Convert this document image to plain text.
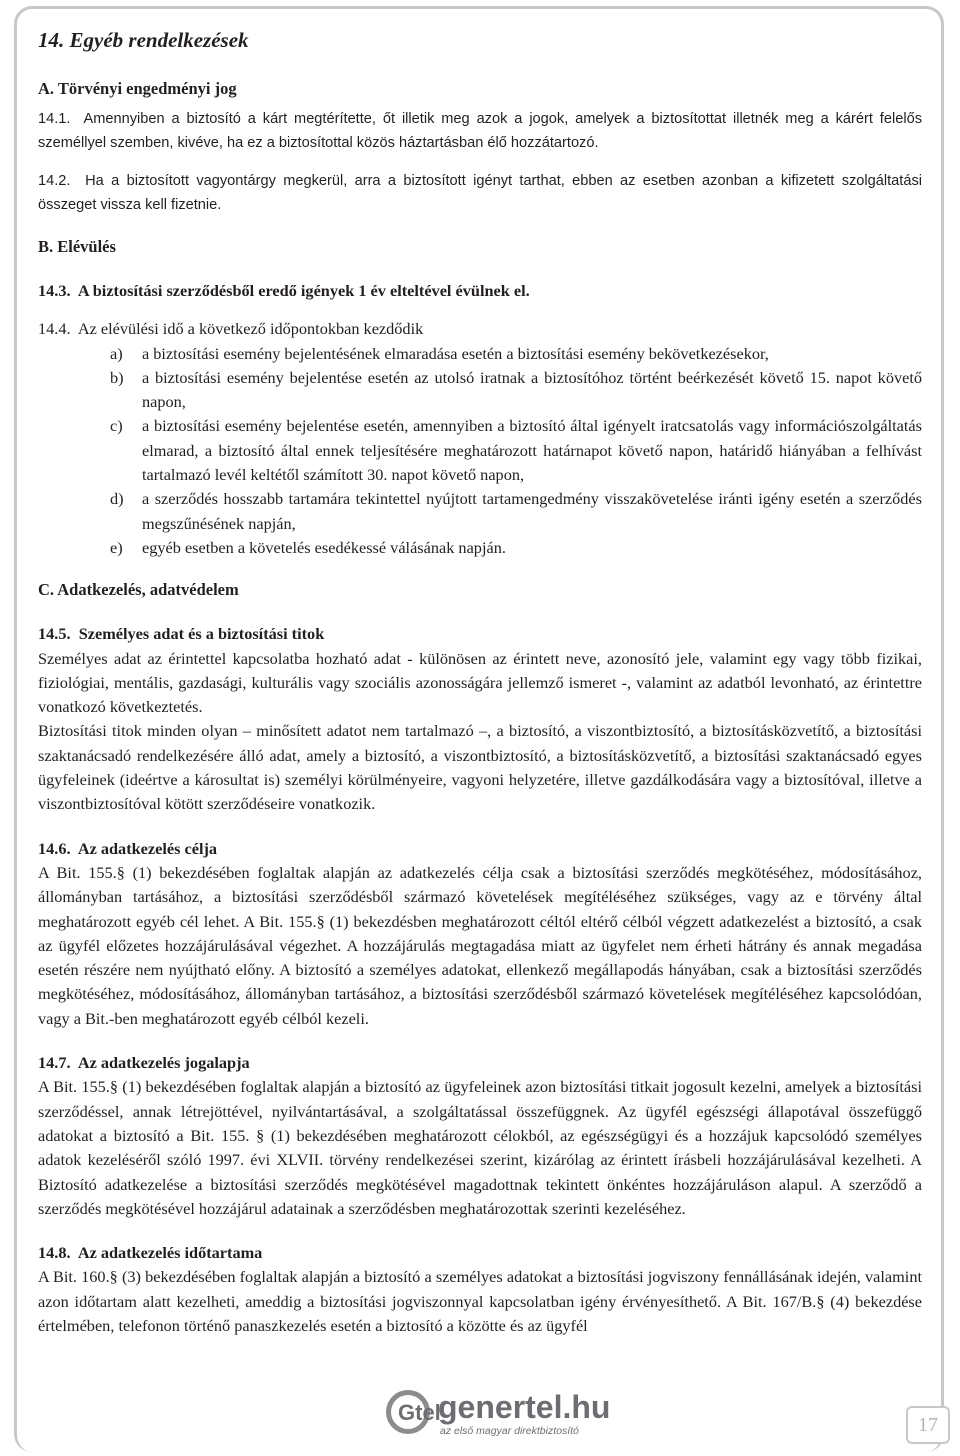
14. Egyéb rendelkezések
A. Törvényi engedményi jog

14.1. Amennyiben a biztosító a kárt megtérítette, őt illetik meg azok a jogok, amelyek a biztosítottat illetnék meg a kárért felelős személlyel szemben, kivéve, ha ez a biztosítottal közös háztartásban élő hozzátartozó.

14.2. Ha a biztosított vagyontárgy megkerül, arra a biztosított igényt tarthat, ebben az esetben azonban a kifizetett szolgáltatási összeget vissza kell fizetnie.

B. Elévülés

14.3. A biztosítási szerződésből eredő igények 1 év elteltével évülnek el.

14.4. Az elévülési idő a következő időpontokban kezdődik

a) a biztosítási esemény bejelentésének elmaradása esetén a biztosítási esemény bekövetkezésekor,
b) a biztosítási esemény bejelentése esetén az utolsó iratnak a biztosítóhoz történt beérkezését követő 15. napot követő napon,
c) a biztosítási esemény bejelentése esetén, amennyiben a biztosító által igényelt iratcsatolás vagy információszolgáltatás elmarad, a biztosító által ennek teljesítésére meghatározott határnapot követő napon, határidő hiányában a felhívást tartalmazó levél keltétől számított 30. napot követő napon,
d) a szerződés hosszabb tartamára tekintettel nyújtott tartamengedmény visszakövetelése iránti igény esetén a szerződés megszűnésének napján,
e) egyéb esetben a követelés esedékessé válásának napján.
C. Adatkezelés, adatvédelem

14.5. Személyes adat és a biztosítási titok

Személyes adat az érintettel kapcsolatba hozható adat - különösen az érintett neve, azonosító jele, valamint egy vagy több fizikai, fiziológiai, mentális, gazdasági, kulturális vagy szociális azonosságára jellemző ismeret -, valamint az adatból levonható, az érintettre vonatkozó következtetés.

Biztosítási titok minden olyan – minősített adatot nem tartalmazó –, a biztosító, a viszontbiztosító, a biztosításközvetítő, a biztosítási szaktanácsadó rendelkezésére álló adat, amely a biztosító, a viszontbiztosító, a biztosításközvetítő, a biztosítási szaktanácsadó egyes ügyfeleinek (ideértve a károsultat is) személyi körülményeire, vagyoni helyzetére, illetve gazdálkodására vagy a biztosítóval, illetve a viszontbiztosítóval kötött szerződéseire vonatkozik.

14.6. Az adatkezelés célja

A Bit. 155.§ (1) bekezdésében foglaltak alapján az adatkezelés célja csak a biztosítási szerződés megkötéséhez, módosításához, állományban tartásához, a biztosítási szerződésből származó követelések megítéléséhez szükséges, vagy az e törvény által meghatározott egyéb cél lehet. A Bit. 155.§ (1) bekezdésben meghatározott céltól eltérő célból végzett adatkezelést a biztosító, a csak az ügyfél előzetes hozzájárulásával végezhet. A hozzájárulás megtagadása miatt az ügyfelet nem érheti hátrány és annak megadása esetén részére nem nyújtható előny. A biztosító a személyes adatokat, ellenkező megállapodás hányában, csak a biztosítási szerződés megkötéséhez, módosításához, állományban tartásához, a biztosítási szerződésből származó követelések megítéléséhez kapcsolódóan, vagy a Bit.-ben meghatározott egyéb célból kezeli.

14.7. Az adatkezelés jogalapja

A Bit. 155.§ (1) bekezdésében foglaltak alapján a biztosító az ügyfeleinek azon biztosítási titkait jogosult kezelni, amelyek a biztosítási szerződéssel, annak létrejöttével, nyilvántartásával, a szolgáltatással összefüggnek. Az ügyfél egészségi állapotával összefüggő adatokat a biztosító a Bit. 155. § (1) bekezdésében meghatározott célokból, az egészségügyi és a hozzájuk kapcsolódó személyes adatok kezeléséről szóló 1997. évi XLVII. törvény rendelkezései szerint, kizárólag az érintett írásbeli hozzájárulásával kezelheti. A Biztosító adatkezelése a biztosítási szerződés megkötésével magadottnak tekintett önkéntes hozzájáruláson alapul. A szerződő a szerződés megkötésével hozzájárul adatainak a szerződésben meghatározottak szerinti kezeléséhez.

14.8. Az adatkezelés időtartama

A Bit. 160.§ (3) bekezdésében foglaltak alapján a biztosító a személyes adatokat a biztosítási jogviszony fennállásának idején, valamint azon időtartam alatt kezelheti, ameddig a biztosítási jogviszonnyal kapcsolatban igény érvényesíthető. A Bit. 167/B.§ (4) bekezdése értelmében, telefonon történő panaszkezelés esetén a biztosító a közötte és az ügyfél

Gtel
genertel.hu
az első magyar direktbiztosító	17
